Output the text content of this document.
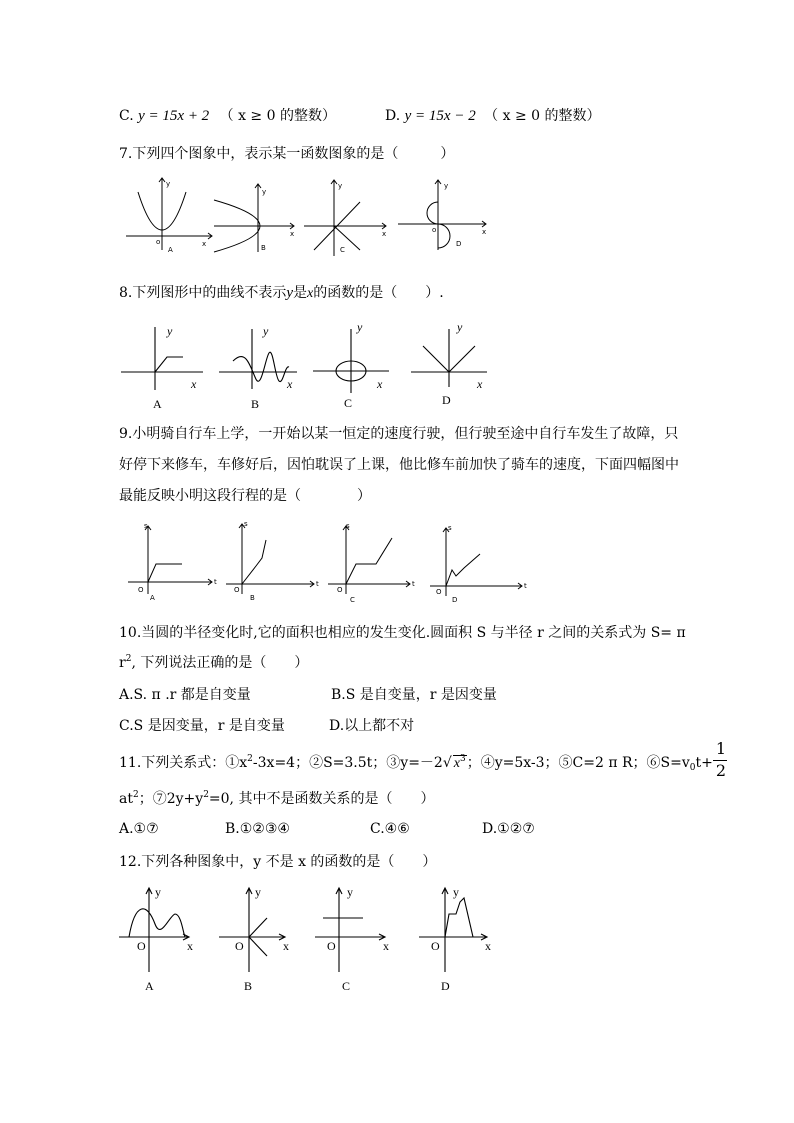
C. y = 15x + 2 （ x ≥ 0 的整数）	D. y = 15x − 2 （ x ≥ 0 的整数）
7.下列四个图象中，表示某一函数图象的是（　　　）
y
x
o
A
y
x
B
y
x
C
y
x
o
D
8.下列图形中的曲线不表示y是x的函数的是（　　）.
y
x
A
y
x
B
y
x
C
y
x
D
9.小明骑自行车上学，一开始以某一恒定的速度行驶，但行驶至途中自行车发生了故障，只
好停下来修车，车修好后，因怕耽误了上课，他比修车前加快了骑车的速度，下面四幅图中
最能反映小明这段行程的是（　　　　）
s
t
O
A
s
t
O
B
s
t
O
C
s
t
O
D
10.当圆的半径变化时,它的面积也相应的发生变化.圆面积 S 与半径 r 之间的关系式为 S= π
$r^2$, 下列说法正确的是（　　）
A.S. π .r 都是自变量	B.S 是自变量，r 是因变量
C.S 是因变量，r 是自变量	D.以上都不对
11.下列关系式：$①x^2-3x=4$；②S=3.5t；③y=－2√ $x^3$；④y=5x-3；⑤C=2 π R；$⑥S=v_0t+ \frac{1}{2}$
$at^2$；$⑦2y+y^2=0$, 其中不是函数关系的是（　　）
A.①⑦	B.①②③④	C.④⑥	D.①②⑦
12.下列各种图象中，y 不是 x 的函数的是（　　）
y
x
O
A
y
x
O
B
y
x
O
C
y
x
O
D
